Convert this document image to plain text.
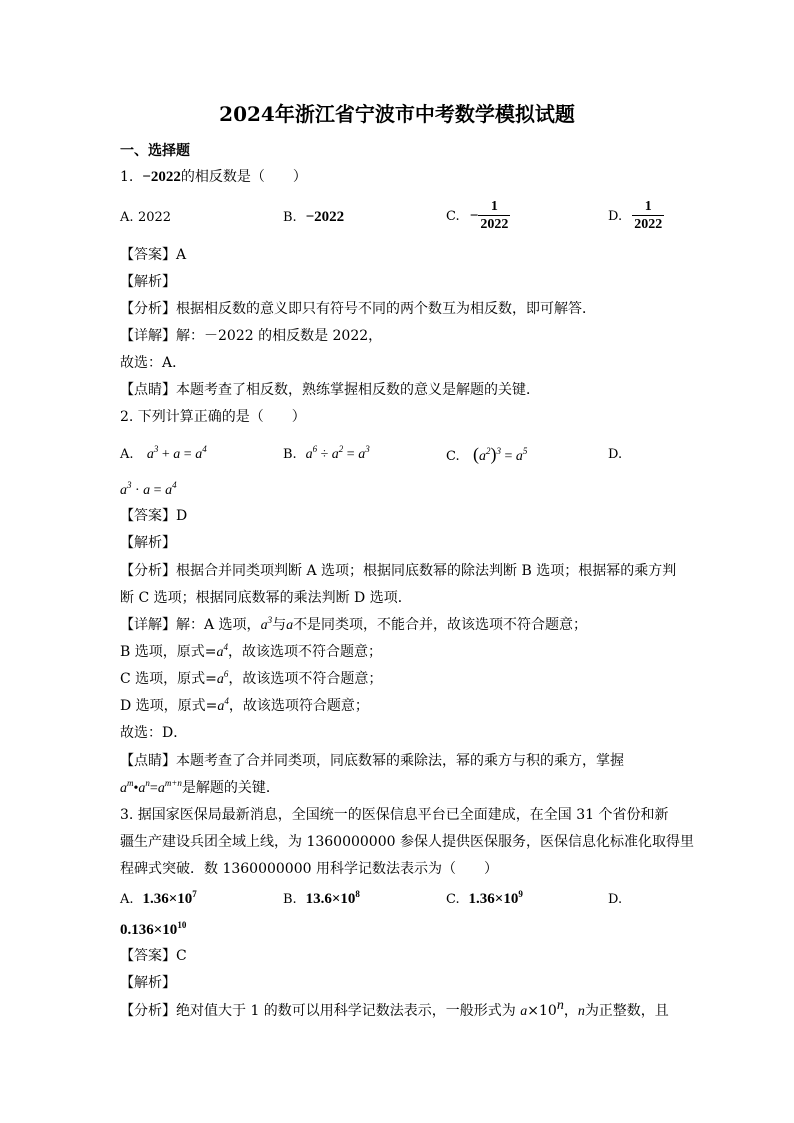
2024年浙江省宁波市中考数学模拟试题
一、选择题
1. −2022的相反数是（　　）
A. 2022	B. −2022	C. − $\frac{1}{2022}$	D. $\frac{1}{2022}$
【答案】A
【解析】
【分析】根据相反数的意义即只有符号不同的两个数互为相反数，即可解答．
【详解】解：－2022 的相反数是 2022，
故选：A．
【点睛】本题考查了相反数，熟练掌握相反数的意义是解题的关键．
2. 下列计算正确的是（　　）
A. $a^3 + a = a^4$	B. $a^6 \div a^2 = a^3$	C. $(a^2)^3 = a^5$	D.
$a^3 \cdot a = a^4$
【答案】D
【解析】
【分析】根据合并同类项判断 A 选项；根据同底数幂的除法判断 B 选项；根据幂的乘方判
断 C 选项；根据同底数幂的乘法判断 D 选项．
【详解】解：A 选项，$a^3$与a不是同类项，不能合并，故该选项不符合题意；
B 选项，原式$=a^4$，故该选项不符合题意；
C 选项，原式$=a^6$，故该选项不符合题意；
D 选项，原式$=a^4$，故该选项符合题意；
故选：D．
【点睛】本题考查了合并同类项，同底数幂的乘除法，幂的乘方与积的乘方，掌握
$a^m•a^n=a^{m+n}$是解题的关键．
3. 据国家医保局最新消息，全国统一的医保信息平台已全面建成，在全国 31 个省份和新
疆生产建设兵团全域上线，为 1360000000 参保人提供医保服务，医保信息化标准化取得里
程碑式突破．数 1360000000 用科学记数法表示为（　　）
A. $1.36\times 10^7$	B. $13.6\times 10^8$	C. $1.36\times 10^9$	D.
$0.136\times 10^{10}$
【答案】C
【解析】
【分析】绝对值大于 1 的数可以用科学记数法表示，一般形式为 $a\times 10^n$，n为正整数，且
